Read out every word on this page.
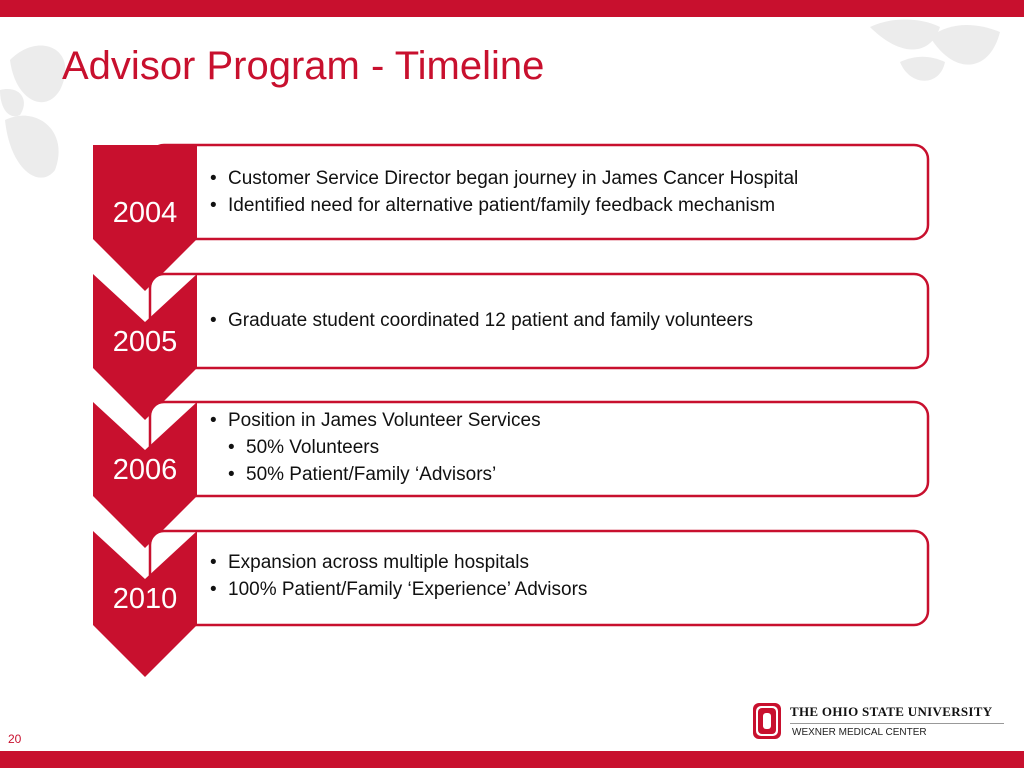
Advisor Program - Timeline
2004
2005
2006
2010
• Customer Service Director began journey in James Cancer Hospital
• Identified need for alternative patient/family feedback mechanism
• Graduate student coordinated 12 patient and family volunteers
• Position in James Volunteer Services
• 50% Volunteers
• 50% Patient/Family ‘Advisors’
• Expansion across multiple hospitals
• 100% Patient/Family ‘Experience’ Advisors
20
THE OHIO STATE UNIVERSITY
WEXNER MEDICAL CENTER
